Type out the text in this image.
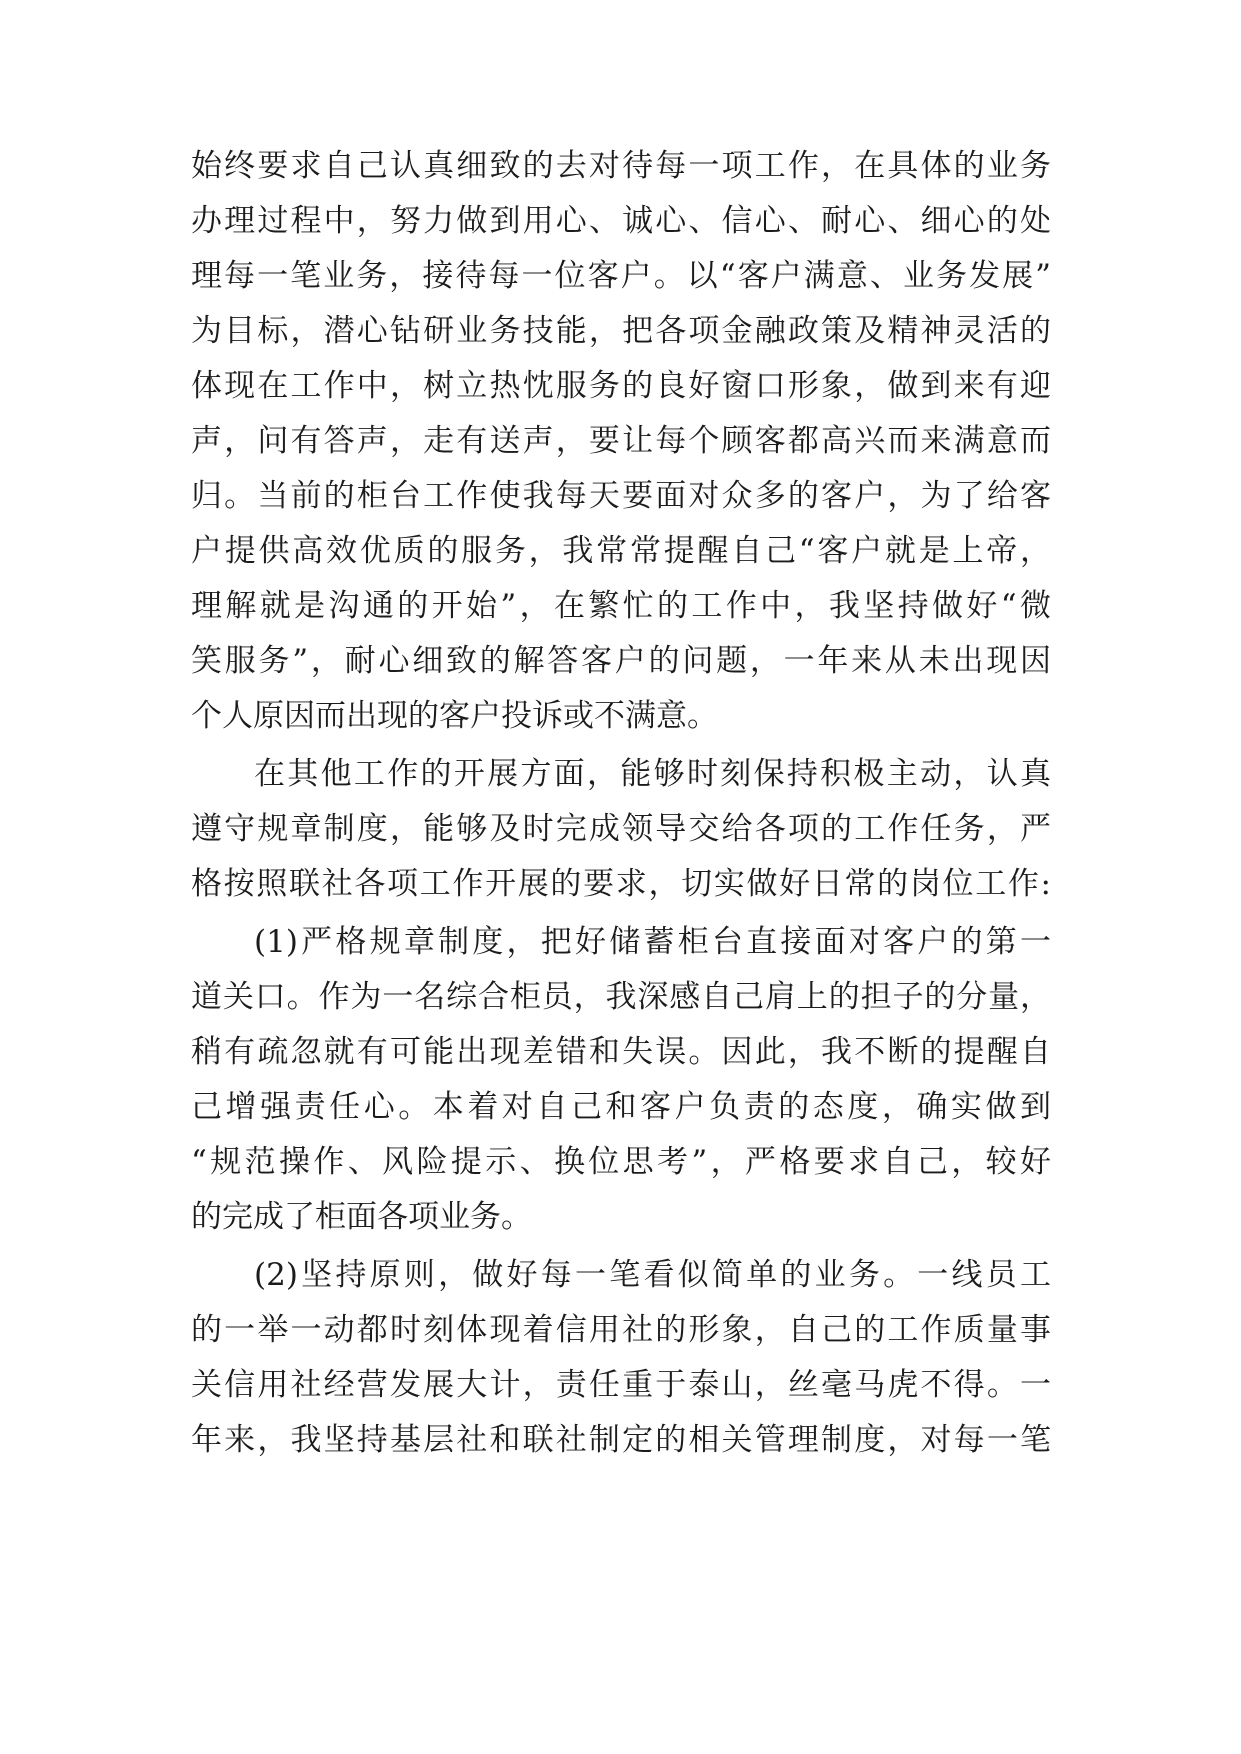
始终要求自己认真细致的去对待每一项工作，在具体的业务
办理过程中，努力做到用心、诚心、信心、耐心、细心的处
理每一笔业务，接待每一位客户。以“客户满意、业务发展”
为目标，潜心钻研业务技能，把各项金融政策及精神灵活的
体现在工作中，树立热忱服务的良好窗口形象，做到来有迎
声，问有答声，走有送声，要让每个顾客都高兴而来满意而
归。当前的柜台工作使我每天要面对众多的客户，为了给客
户提供高效优质的服务，我常常提醒自己“客户就是上帝，
理解就是沟通的开始”，在繁忙的工作中，我坚持做好“微
笑服务”，耐心细致的解答客户的问题，一年来从未出现因
个人原因而出现的客户投诉或不满意。
在其他工作的开展方面，能够时刻保持积极主动，认真
遵守规章制度，能够及时完成领导交给各项的工作任务，严
格按照联社各项工作开展的要求，切实做好日常的岗位工作:
(1)严格规章制度，把好储蓄柜台直接面对客户的第一
道关口。作为一名综合柜员，我深感自己肩上的担子的分量，
稍有疏忽就有可能出现差错和失误。因此，我不断的提醒自
己增强责任心。本着对自己和客户负责的态度，确实做到
“规范操作、风险提示、换位思考”，严格要求自己，较好
的完成了柜面各项业务。
(2)坚持原则，做好每一笔看似简单的业务。一线员工
的一举一动都时刻体现着信用社的形象，自己的工作质量事
关信用社经营发展大计，责任重于泰山，丝毫马虎不得。一
年来，我坚持基层社和联社制定的相关管理制度，对每一笔
